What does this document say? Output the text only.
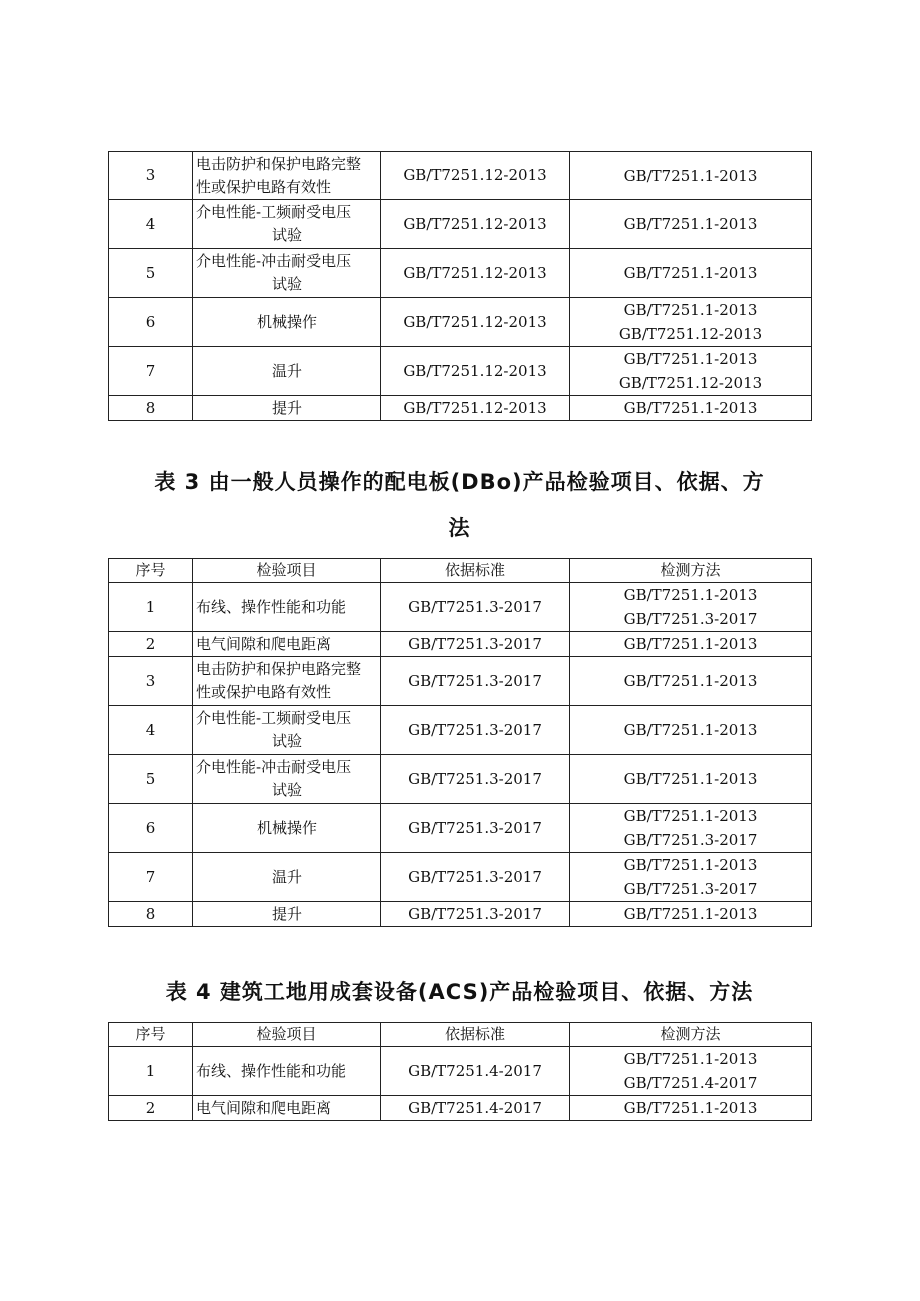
3	电击防护和保护电路完整
性或保护电路有效性	GB/T7251.12-2013	GB/T7251.1-2013

4	介电性能-工频耐受电压
试验	GB/T7251.12-2013	GB/T7251.1-2013

5	介电性能-冲击耐受电压
试验	GB/T7251.12-2013	GB/T7251.1-2013

6	机械操作	GB/T7251.12-2013	GB/T7251.1-2013
GB/T7251.12-2013

7	温升	GB/T7251.12-2013	GB/T7251.1-2013
GB/T7251.12-2013

8	提升	GB/T7251.12-2013	GB/T7251.1-2013
表 3 由一般人员操作的配电板(DBo)产品检验项目、依据、方
法
序号	检验项目	依据标准	检测方法
1	布线、操作性能和功能	GB/T7251.3-2017	GB/T7251.1-2013
GB/T7251.3-2017

2	电气间隙和爬电距离	GB/T7251.3-2017	GB/T7251.1-2013

3	电击防护和保护电路完整
性或保护电路有效性	GB/T7251.3-2017	GB/T7251.1-2013

4	介电性能-工频耐受电压
试验	GB/T7251.3-2017	GB/T7251.1-2013

5	介电性能-冲击耐受电压
试验	GB/T7251.3-2017	GB/T7251.1-2013

6	机械操作	GB/T7251.3-2017	GB/T7251.1-2013
GB/T7251.3-2017

7	温升	GB/T7251.3-2017	GB/T7251.1-2013
GB/T7251.3-2017

8	提升	GB/T7251.3-2017	GB/T7251.1-2013
表 4 建筑工地用成套设备(ACS)产品检验项目、依据、方法
序号	检验项目	依据标准	检测方法
1	布线、操作性能和功能	GB/T7251.4-2017	GB/T7251.1-2013
GB/T7251.4-2017

2	电气间隙和爬电距离	GB/T7251.4-2017	GB/T7251.1-2013
